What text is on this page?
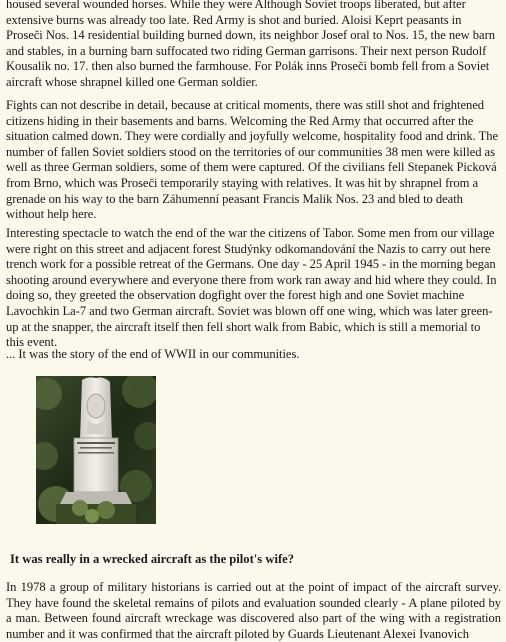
housed several wounded horses. While they were Although Soviet troops liberated, but after extensive burns was already too late. Red Army is shot and buried. Aloisi Keprt peasants in Proseči Nos. 14 residential building burned down, its neighbor Josef oral to Nos. 15, the new barn and stables, in a burning barn suffocated two riding German garrisons. Their next person Rudolf Kousalik no. 17. then also burned the farmhouse. For Polák inns Proseči bomb fell from a Soviet aircraft whose shrapnel killed one German soldier.

Fights can not describe in detail, because at critical moments, there was still shot and frightened citizens hiding in their basements and barns. Welcoming the Red Army that occurred after the situation calmed down. They were cordially and joyfully welcome, hospitality food and drink. The number of fallen Soviet soldiers stood on the territories of our communities 38 men were killed as well as three German soldiers, some of them were captured. Of the civilians fell Stepanek Picková from Brno, which was Proseči temporarily staying with relatives. It was hit by shrapnel from a grenade on his way to the barn Záhumenní peasant Francis Malik Nos. 23 and bled to death without help here.

Interesting spectacle to watch the end of the war the citizens of Tabor. Some men from our village were right on this street and adjacent forest Studýnky odkomandování the Nazis to carry out here trench work for a possible retreat of the Germans. One day - 25 April 1945 - in the morning began shooting around everywhere and everyone there from work ran away and hid where they could. In doing so, they greeted the observation dogfight over the forest high and one Soviet machine Lavochkin La-7 and two German aircraft. Soviet was blown off one wing, which was later green-up at the snapper, the aircraft itself then fell short walk from Babic, which is still a memorial to this event.

... It was the story of the end of WWII in our communities.

It was really in a wrecked aircraft as the pilot's wife?

In 1978 a group of military historians is carried out at the point of impact of the aircraft survey. They have found the skeletal remains of pilots and evaluation sounded clearly - A plane piloted by a man. Between found aircraft wreckage was discovered also part of the wing with a registration number and it was confirmed that the aircraft piloted by Guards Lieutenant Alexei Ivanovich
